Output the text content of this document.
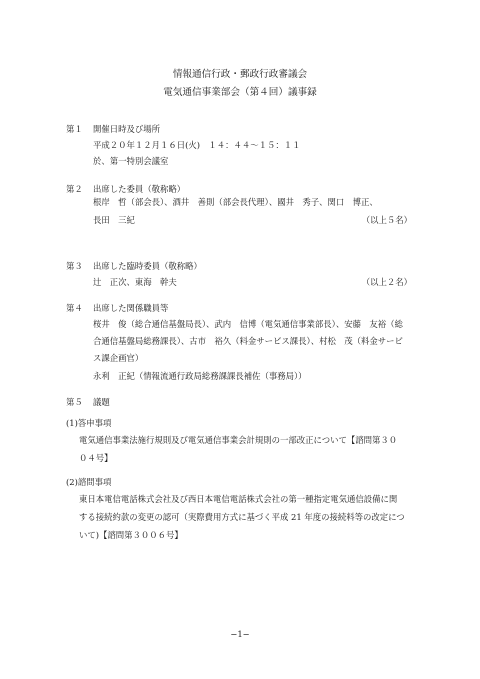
情報通信行政・郵政行政審議会
電気通信事業部会（第４回）議事録
第１ 開催日時及び場所
平成２０年１２月１６日(火)　１４：４４〜１５：１１
於、第一特別会議室
第２ 出席した委員（敬称略）
根岸　哲（部会長）、酒井　善則（部会長代理）、國井　秀子、関口　博正、
長田　三紀	（以上５名）
第３ 出席した臨時委員（敬称略）
辻　正次、東海　幹夫	（以上２名）
第４ 出席した関係職員等
桜井　俊（総合通信基盤局長）、武内　信博（電気通信事業部長）、安藤　友裕（総
合通信基盤局総務課長）、古市　裕久（料金サービス課長）、村松　茂（料金サービ
ス課企画官）
永利　正紀（情報流通行政局総務課課長補佐（事務局））
第５ 議題
(1)答申事項
電気通信事業法施行規則及び電気通信事業会計規則の一部改正について【諮問第３０
０４号】
(2)諮問事項
東日本電信電話株式会社及び西日本電信電話株式会社の第一種指定電気通信設備に関
する接続約款の変更の認可（実際費用方式に基づく平成 21 年度の接続料等の改定につ
いて)【諮問第３００６号】
−1−
